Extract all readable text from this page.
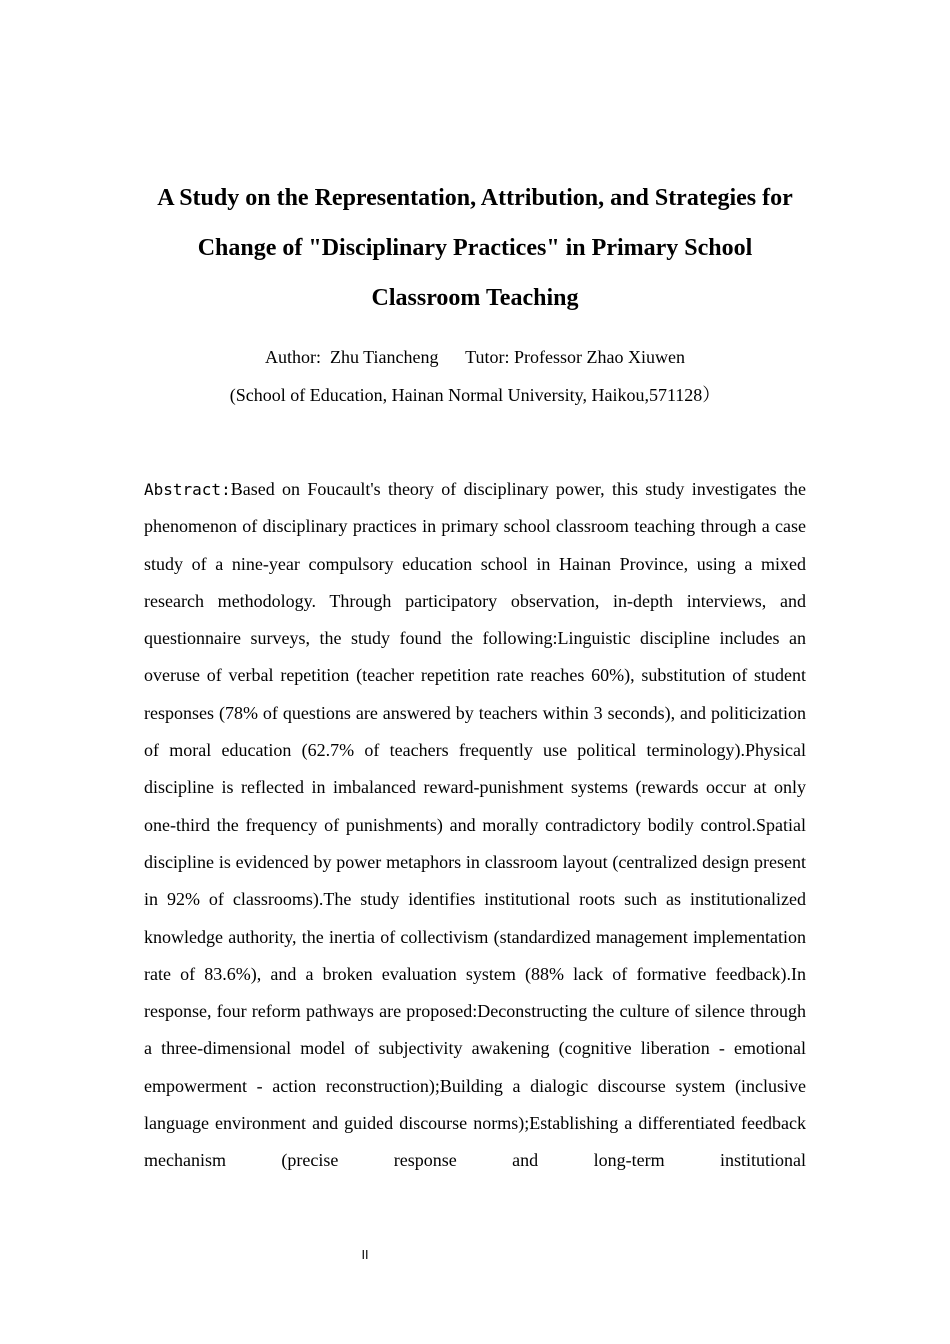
A Study on the Representation, Attribution, and Strategies for Change of "Disciplinary Practices" in Primary School Classroom Teaching
Author:  Zhu Tiancheng      Tutor: Professor Zhao Xiuwen
(School of Education, Hainan Normal University, Haikou,571128）

Abstract:Based on Foucault's theory of disciplinary power, this study investigates the phenomenon of disciplinary practices in primary school classroom teaching through a case study of a nine-year compulsory education school in Hainan Province, using a mixed research methodology. Through participatory observation, in-depth interviews, and questionnaire surveys, the study found the following:Linguistic discipline includes an overuse of verbal repetition (teacher repetition rate reaches 60%), substitution of student responses (78% of questions are answered by teachers within 3 seconds), and politicization of moral education (62.7% of teachers frequently use political terminology).Physical discipline is reflected in imbalanced reward-punishment systems (rewards occur at only one-third the frequency of punishments) and morally contradictory bodily control.Spatial discipline is evidenced by power metaphors in classroom layout (centralized design present in 92% of classrooms).The study identifies institutional roots such as institutionalized knowledge authority, the inertia of collectivism (standardized management implementation rate of 83.6%), and a broken evaluation system (88% lack of formative feedback).In response, four reform pathways are proposed:Deconstructing the culture of silence through a three-dimensional model of subjectivity awakening (cognitive liberation - emotional empowerment - action reconstruction);Building a dialogic discourse system (inclusive language environment and guided discourse norms);Establishing a differentiated feedback mechanism (precise response and long-term institutional

II
